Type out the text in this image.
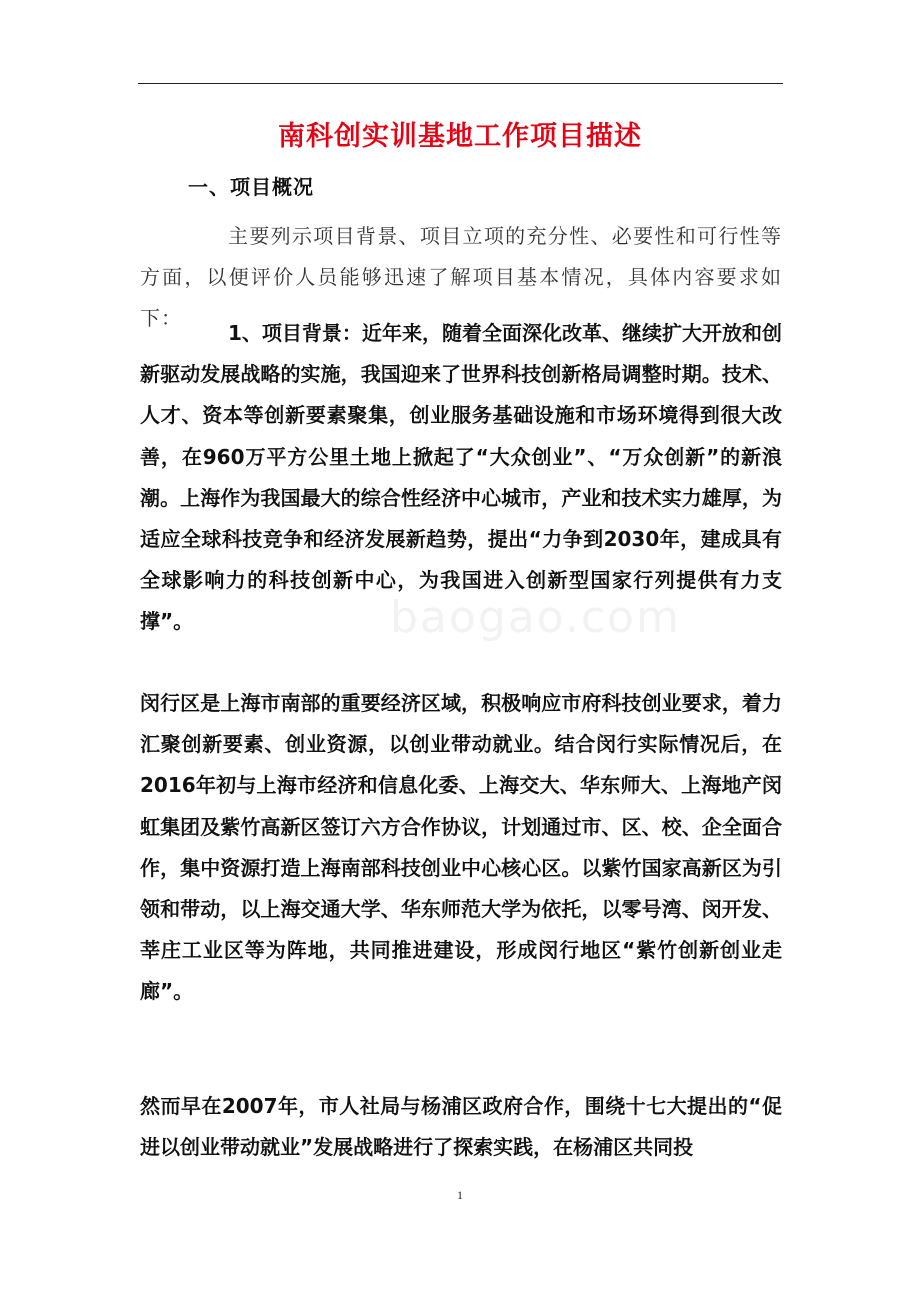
南科创实训基地工作项目描述
一、项目概况

主要列示项目背景、项目立项的充分性、必要性和可行性等方面，以便评价人员能够迅速了解项目基本情况，具体内容要求如下：

1、项目背景：近年来，随着全面深化改革、继续扩大开放和创新驱动发展战略的实施，我国迎来了世界科技创新格局调整时期。技术、人才、资本等创新要素聚集，创业服务基础设施和市场环境得到很大改善，在960万平方公里土地上掀起了“大众创业”、“万众创新”的新浪潮。上海作为我国最大的综合性经济中心城市，产业和技术实力雄厚，为适应全球科技竞争和经济发展新趋势，提出“力争到2030年，建成具有全球影响力的科技创新中心，为我国进入创新型国家行列提供有力支撑”。

闵行区是上海市南部的重要经济区域，积极响应市府科技创业要求，着力汇聚创新要素、创业资源，以创业带动就业。结合闵行实际情况后，在2016年初与上海市经济和信息化委、上海交大、华东师大、上海地产闵虹集团及紫竹高新区签订六方合作协议，计划通过市、区、校、企全面合作，集中资源打造上海南部科技创业中心核心区。以紫竹国家高新区为引领和带动，以上海交通大学、华东师范大学为依托，以零号湾、闵开发、莘庄工业区等为阵地，共同推进建设，形成闵行地区“紫竹创新创业走廊”。

然而早在2007年，市人社局与杨浦区政府合作，围绕十七大提出的“促进以创业带动就业”发展战略进行了探索实践，在杨浦区共同投

baogao.com
1
